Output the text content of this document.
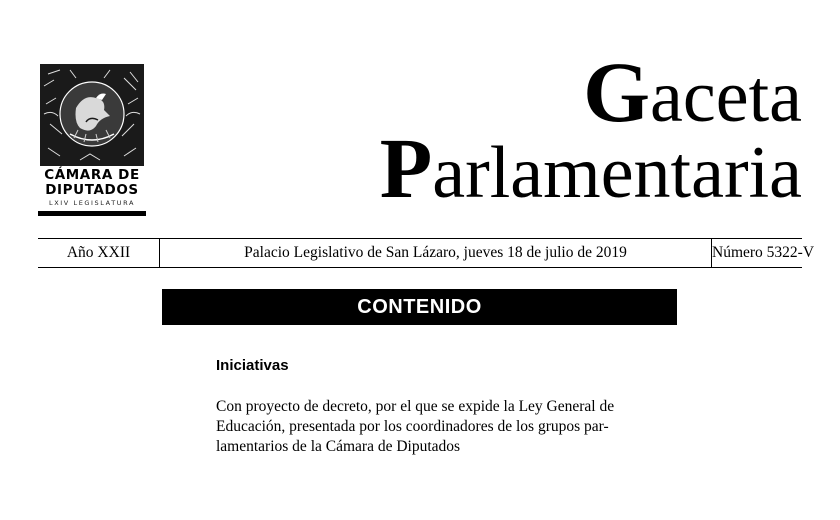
CÁMARA DE
DIPUTADOS
LXIV LEGISLATURA
Gaceta
Parlamentaria
Año XXII	Palacio Legislativo de San Lázaro, jueves 18 de julio de 2019	Número 5322-V
CONTENIDO
Iniciativas
Con proyecto de decreto, por el que se expide la Ley General de
Educación, presentada por los coordinadores de los grupos par-
lamentarios de la Cámara de Diputados
